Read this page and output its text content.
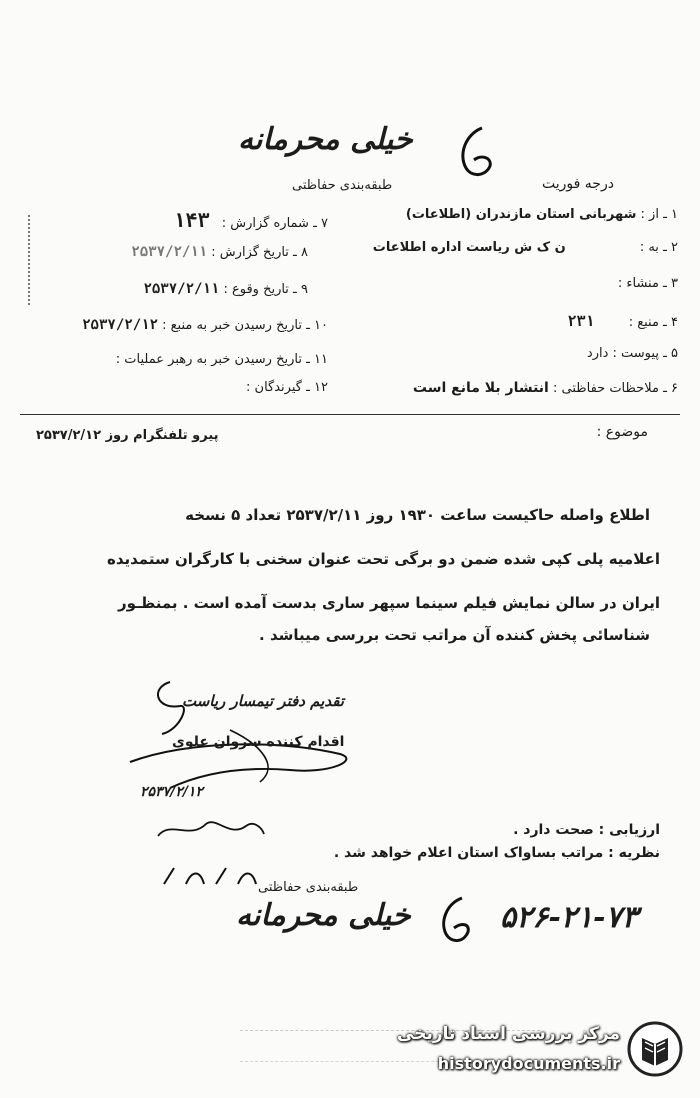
خیلی محرمانه
طبقه‌بندی حفاظتی	درجه فوریت
۱ ـ از : شهربانی استان مازندران (اطلاعات)
۲ ـ به : ن ک ش ریاست اداره اطلاعات
۳ ـ منشاء :
۴ ـ منبع : ۲۳۱
۵ ـ پیوست : دارد
۶ ـ ملاحظات حفاظتی : انتشار بلا مانع است
۷ ـ شماره گزارش : ۱۴۳
۸ ـ تاریخ گزارش : ۲۵۳۷/۲/۱۱
۹ ـ تاریخ وقوع : ۲۵۳۷/۲/۱۱
۱۰ ـ تاریخ رسیدن خبر به منبع : ۲۵۳۷/۲/۱۲
۱۱ ـ تاریخ رسیدن خبر به رهبر عملیات :
۱۲ ـ گیرندگان :
موضوع :
پیرو تلفنگرام روز ۲۵۳۷/۲/۱۲
اطلاع واصله حاکیست ساعت ۱۹۳۰ روز ۲۵۳۷/۲/۱۱ تعداد ۵ نسخه
اعلامیه پلی کپی شده ضمن دو برگی تحت عنوان سخنی با کارگران ستمدیده
ایران در سالن نمایش فیلم سینما سپهر ساری بدست آمده است . بمنظـور
شناسائی پخش کننده آن مراتب تحت بررسی میباشد .
تقدیم دفتر تیمسار ریاست
اقدام کننده سروان علوی
۲۵۳۷/۲/۱۲
ارزیابی : صحت دارد .
نظریه : مراتب بساواک استان اعلام خواهد شد .
طبقه‌بندی حفاظتی
خیلی محرمانه	۵۲۶-۲۱-۷۳
مرکز بررسی اسناد تاریخی
historydocuments.ir
